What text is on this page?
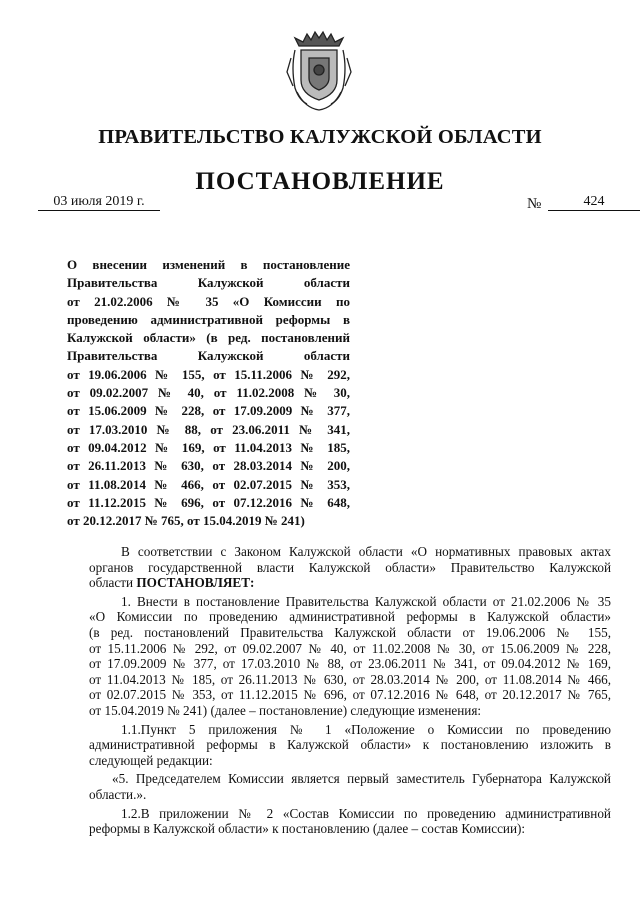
ПРАВИТЕЛЬСТВО КАЛУЖСКОЙ ОБЛАСТИ
ПОСТАНОВЛЕНИЕ
03 июля 2019 г.	№	424
О внесении изменений в постановление
Правительства Калужской области
от 21.02.2006 № 35 «О Комиссии по
проведению административной реформы в
Калужской области» (в ред. постановлений
Правительства Калужской области
от 19.06.2006 № 155, от 15.11.2006 № 292,
от 09.02.2007 № 40, от 11.02.2008 № 30,
от 15.06.2009 № 228, от 17.09.2009 № 377,
от 17.03.2010 № 88, от 23.06.2011 № 341,
от 09.04.2012 № 169, от 11.04.2013 № 185,
от 26.11.2013 № 630, от 28.03.2014 № 200,
от 11.08.2014 № 466, от 02.07.2015 № 353,
от 11.12.2015 № 696, от 07.12.2016 № 648,
от 20.12.2017 № 765, от 15.04.2019 № 241)
В соответствии с Законом Калужской области «О нормативных правовых актах
органов государственной власти Калужской области» Правительство Калужской
области ПОСТАНОВЛЯЕТ:
1. Внести в постановление Правительства Калужской области от 21.02.2006 № 35
«О Комиссии по проведению административной реформы в Калужской области»
(в ред. постановлений Правительства Калужской области от 19.06.2006 № 155,
от 15.11.2006 № 292, от 09.02.2007 № 40, от 11.02.2008 № 30, от 15.06.2009 № 228,
от 17.09.2009 № 377, от 17.03.2010 № 88, от 23.06.2011 № 341, от 09.04.2012 № 169,
от 11.04.2013 № 185, от 26.11.2013 № 630, от 28.03.2014 № 200, от 11.08.2014 № 466,
от 02.07.2015 № 353, от 11.12.2015 № 696, от 07.12.2016 № 648, от 20.12.2017 № 765,
от 15.04.2019 № 241) (далее – постановление) следующие изменения:
1.1.Пункт 5 приложения № 1 «Положение о Комиссии по проведению
административной реформы в Калужской области» к постановлению изложить в
следующей редакции:
«5. Председателем Комиссии является первый заместитель Губернатора Калужской
области.».
1.2.В приложении № 2 «Состав Комиссии по проведению административной
реформы в Калужской области» к постановлению (далее – состав Комиссии):
